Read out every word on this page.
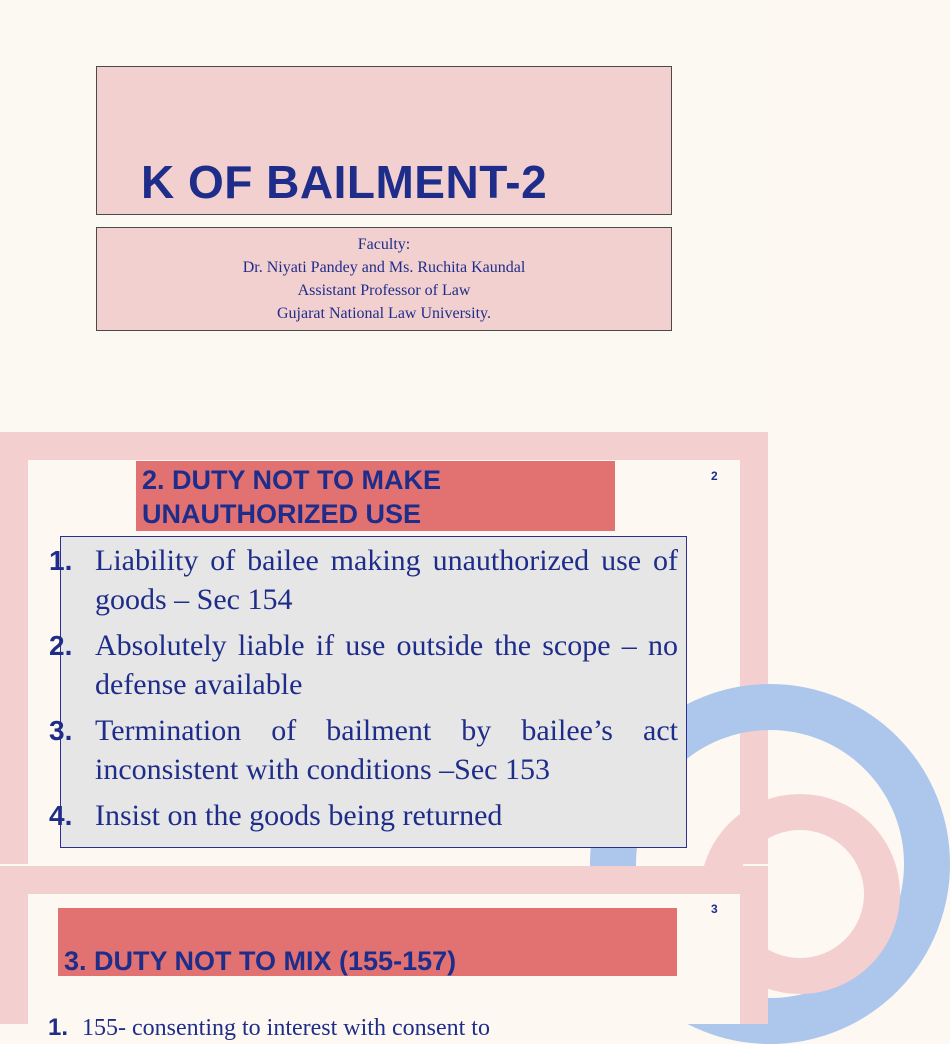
K OF BAILMENT-2
Faculty:
Dr. Niyati Pandey and Ms. Ruchita Kaundal
Assistant Professor of Law
Gujarat National Law University.
2
2. DUTY NOT TO MAKE UNAUTHORIZED USE
1. Liability of bailee making unauthorized use of goods – Sec 154
2. Absolutely liable if use outside the scope – no defense available
3. Termination of bailment by bailee’s act inconsistent with conditions –Sec 153
4. Insist on the goods being returned
3
3. DUTY NOT TO MIX (155-157)
1. 155- consenting to interest with consent to
